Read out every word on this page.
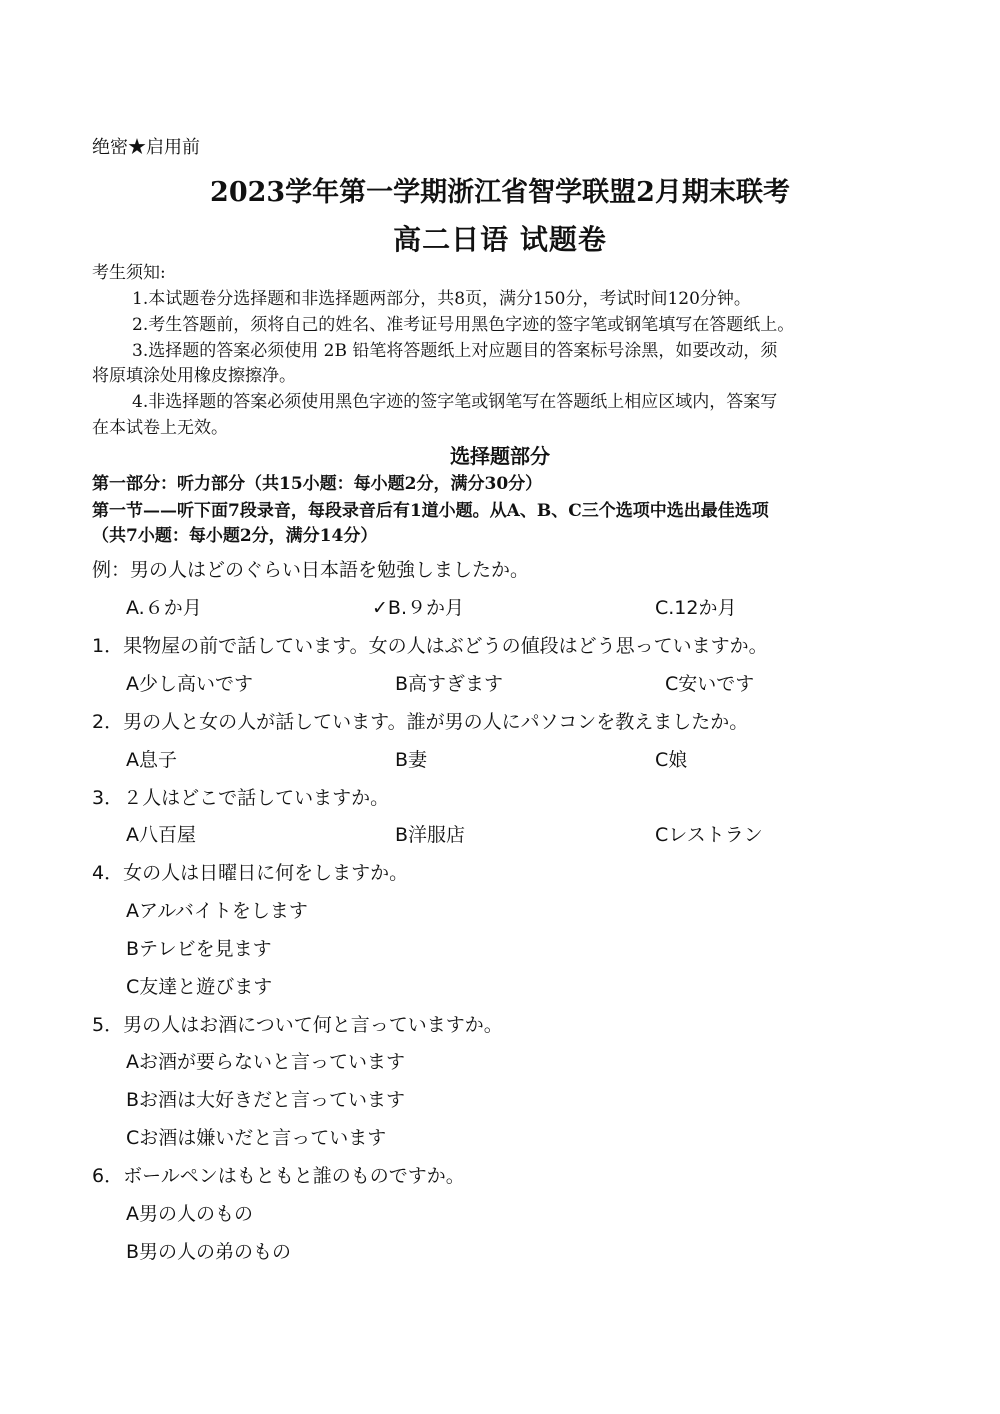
绝密★启用前
2023学年第一学期浙江省智学联盟2月期末联考
高二日语 试题卷
考生须知:
1.本试题卷分选择题和非选择题两部分，共8页，满分150分，考试时间120分钟。
2.考生答题前，须将自己的姓名、准考证号用黑色字迹的签字笔或钢笔填写在答题纸上。
3.选择题的答案必须使用 2B 铅笔将答题纸上对应题目的答案标号涂黑，如要改动，须
将原填涂处用橡皮擦擦净。
4.非选择题的答案必须使用黑色字迹的签字笔或钢笔写在答题纸上相应区域内，答案写
在本试卷上无效。
选择题部分
第一部分：听力部分（共15小题：每小题2分，满分30分）
第一节——听下面7段录音，每段录音后有1道小题。从A、B、C三个选项中选出最佳选项
（共7小题：每小题2分，满分14分）
例：男の人はどのぐらい日本語を勉強しましたか。
A.６か月	✓B.９か月	C.12か月
1．果物屋の前で話しています。女の人はぶどうの値段はどう思っていますか。
A少し高いです	B高すぎます	C安いです
2．男の人と女の人が話しています。誰が男の人にパソコンを教えましたか。
A息子	B妻	C娘
3．２人はどこで話していますか。
A八百屋	B洋服店	Cレストラン
4．女の人は日曜日に何をしますか。
Aアルバイトをします
Bテレビを見ます
C友達と遊びます
5．男の人はお酒について何と言っていますか。
Aお酒が要らないと言っています
Bお酒は大好きだと言っています
Cお酒は嫌いだと言っています
6．ボールペンはもともと誰のものですか。
A男の人のもの
B男の人の弟のもの
